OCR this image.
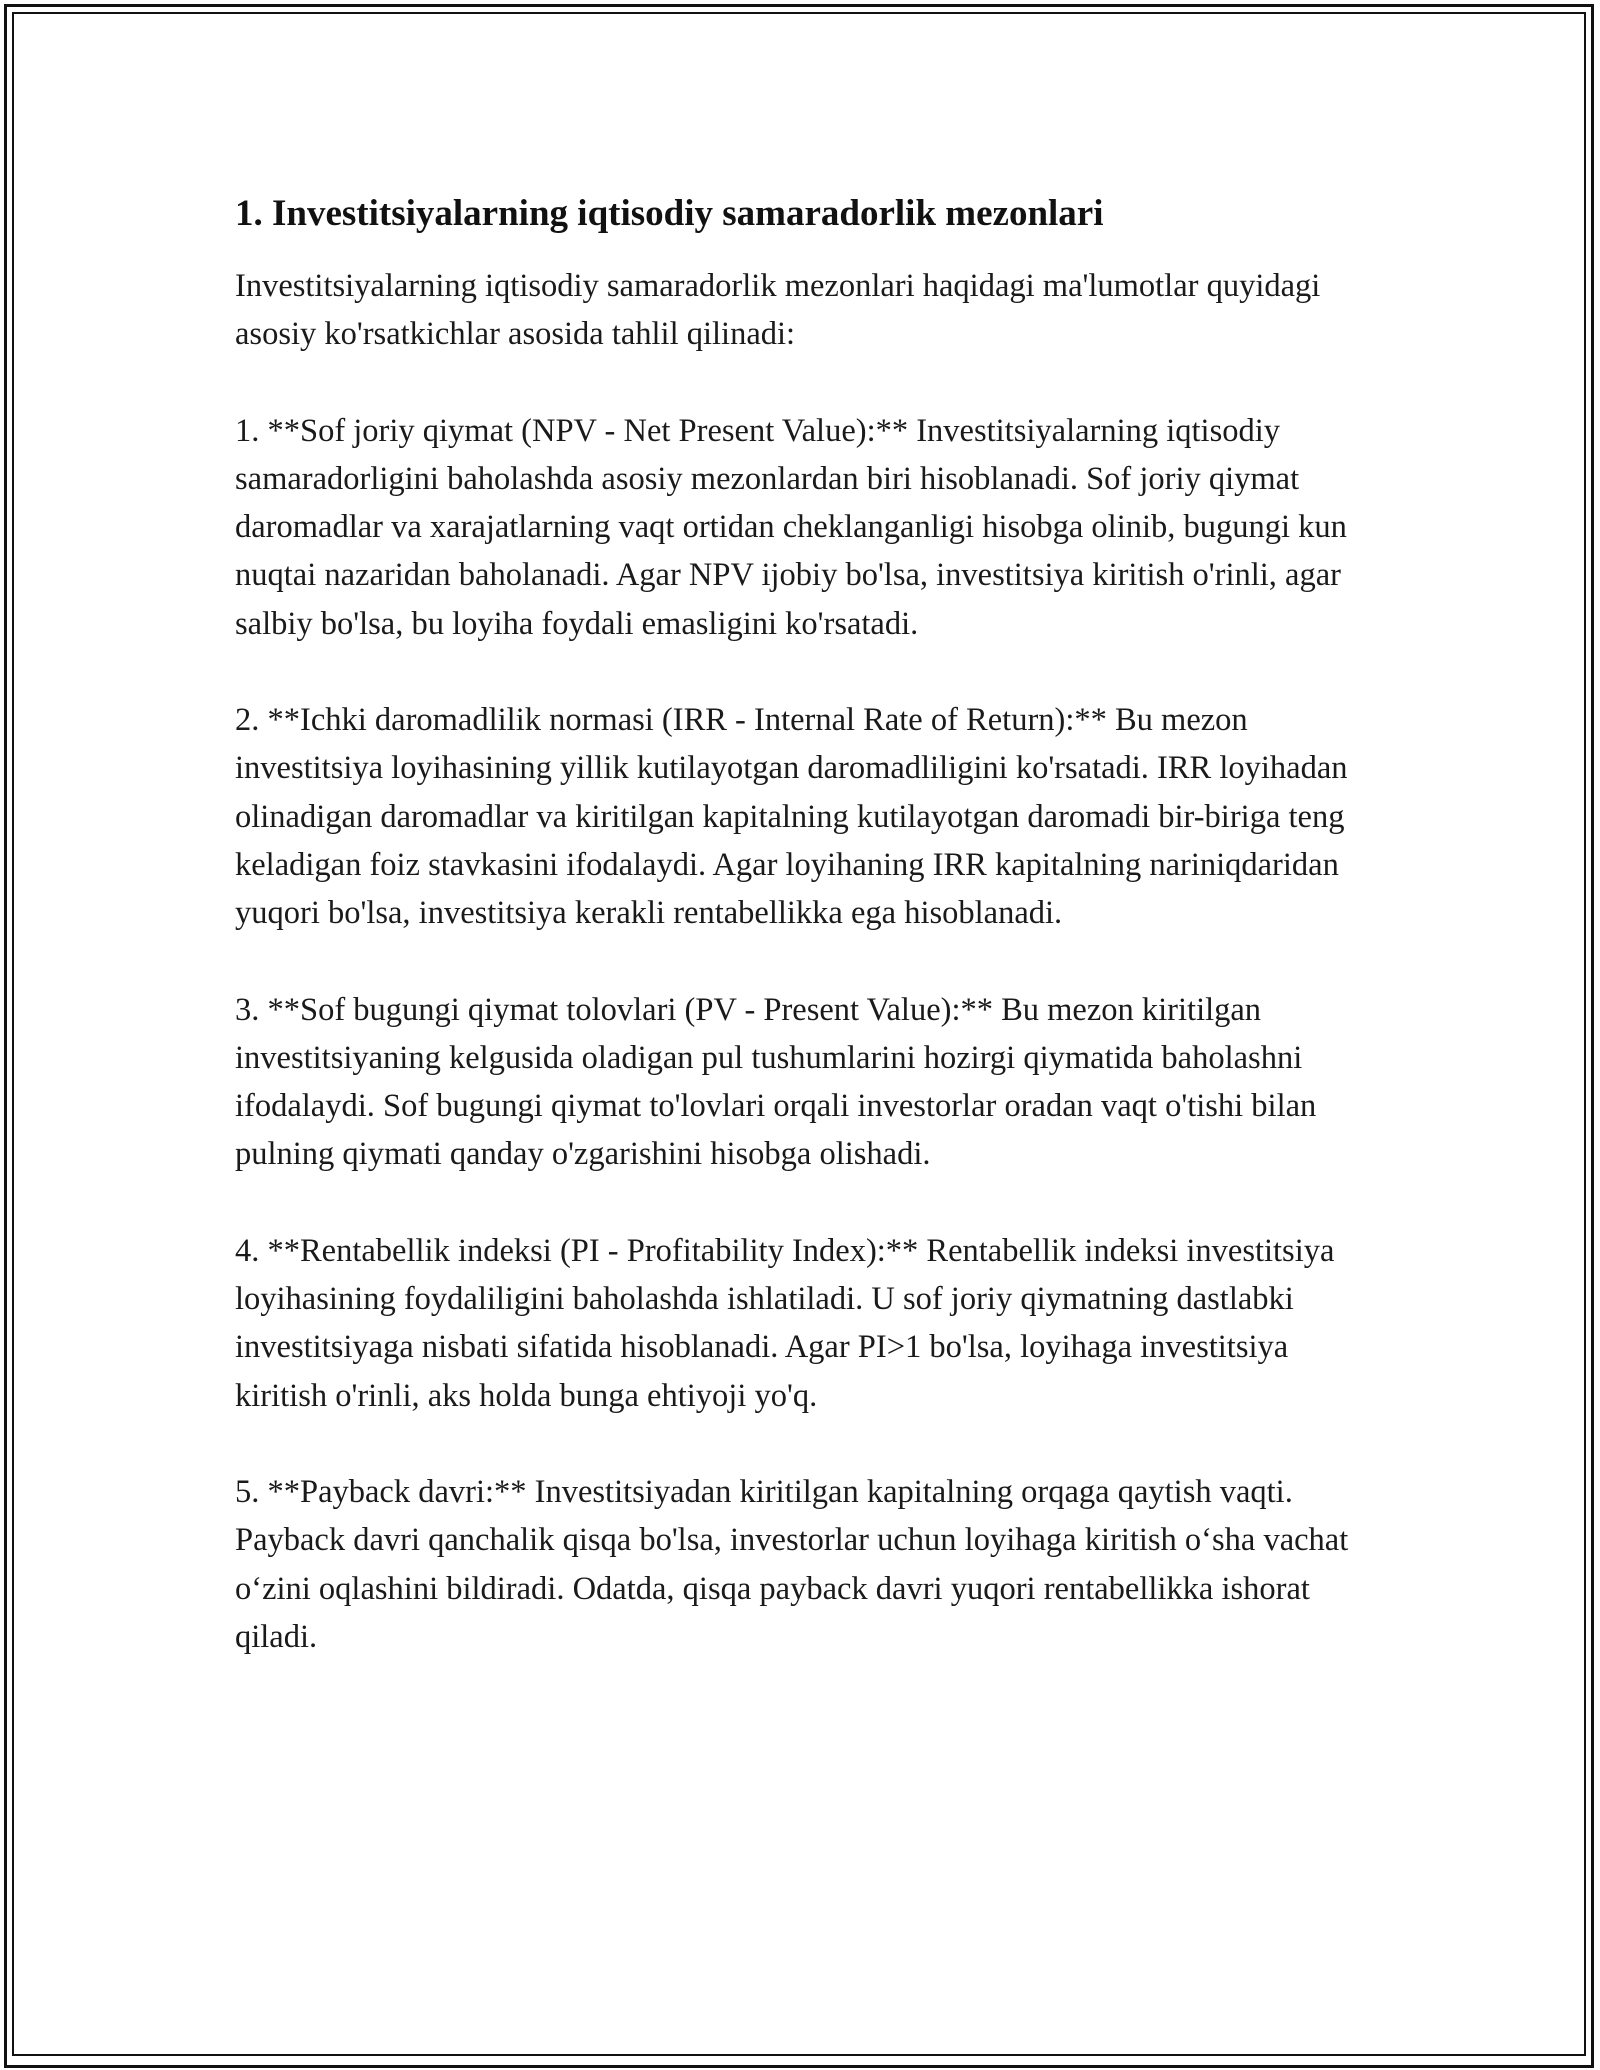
1. Investitsiyalarning iqtisodiy samaradorlik mezonlari

Investitsiyalarning iqtisodiy samaradorlik mezonlari haqidagi ma'lumotlar quyidagi asosiy ko'rsatkichlar asosida tahlil qilinadi:

1. **Sof joriy qiymat (NPV - Net Present Value):** Investitsiyalarning iqtisodiy samaradorligini baholashda asosiy mezonlardan biri hisoblanadi. Sof joriy qiymat daromadlar va xarajatlarning vaqt ortidan cheklanganligi hisobga olinib, bugungi kun nuqtai nazaridan baholanadi. Agar NPV ijobiy bo'lsa, investitsiya kiritish o'rinli, agar salbiy bo'lsa, bu loyiha foydali emasligini ko'rsatadi.

2. **Ichki daromadlilik normasi (IRR - Internal Rate of Return):** Bu mezon investitsiya loyihasining yillik kutilayotgan daromadliligini ko'rsatadi. IRR loyihadan olinadigan daromadlar va kiritilgan kapitalning kutilayotgan daromadi bir-biriga teng keladigan foiz stavkasini ifodalaydi. Agar loyihaning IRR kapitalning nariniqdaridan yuqori bo'lsa, investitsiya kerakli rentabellikka ega hisoblanadi.

3. **Sof bugungi qiymat tolovlari (PV - Present Value):** Bu mezon kiritilgan investitsiyaning kelgusida oladigan pul tushumlarini hozirgi qiymatida baholashni ifodalaydi. Sof bugungi qiymat to'lovlari orqali investorlar oradan vaqt o'tishi bilan pulning qiymati qanday o'zgarishini hisobga olishadi.

4. **Rentabellik indeksi (PI - Profitability Index):** Rentabellik indeksi investitsiya loyihasining foydaliligini baholashda ishlatiladi. U sof joriy qiymatning dastlabki investitsiyaga nisbati sifatida hisoblanadi. Agar PI>1 bo'lsa, loyihaga investitsiya kiritish o'rinli, aks holda bunga ehtiyoji yo'q.

5. **Payback davri:** Investitsiyadan kiritilgan kapitalning orqaga qaytish vaqti. Payback davri qanchalik qisqa bo'lsa, investorlar uchun loyihaga kiritish o‘sha vachat o‘zini oqlashini bildiradi. Odatda, qisqa payback davri yuqori rentabellikka ishorat qiladi.
